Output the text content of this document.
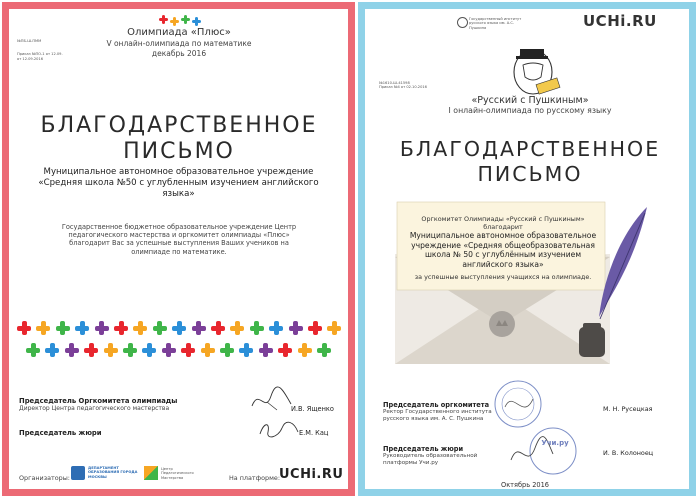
№ПБ-Ш-ПММ
Приказ №ПО-1 от 12.09.
от 12.09.2016
Олимпиада «Плюс»
V онлайн-олимпиада по математике
декабрь 2016
БЛАГОДАРСТВЕННОЕ
ПИСЬМО
Муниципальное автономное образовательное учреждение «Средняя школа №50 с углубленным изучением английского языка»
Государственное бюджетное образовательное учреждение Центр педагогического мастерства и оргкомитет олимпиады «Плюс» благодарит Вас за успешные выступления Ваших учеников на олимпиаде по математике.
Председатель Оргкомитета олимпиады
Директор Центра педагогического мастерства	И.В. Ященко
Председатель жюри	Е.М. Кац
Организаторы:
ДЕПАРТАМЕНТ ОБРАЗОВАНИЯ ГОРОДА МОСКВЫ
Центр Педагогического Мастерства	На платформе: UCHi.RU
Государственный институт русского языка им. А.С. Пушкина	UCHi.RU
№1610-Ш-41598
Приказ №4 от 02.10.2016
«Русский с Пушкиным»
I онлайн-олимпиада по русскому языку
БЛАГОДАРСТВЕННОЕ
ПИСЬМО
Оргкомитет Олимпиады «Русский с Пушкиным» благодарит
Муниципальное автономное образовательное учреждение «Средняя общеобразовательная школа № 50 с углублённым изучением английского языка»
за успешные выступления учащихся на олимпиаде.
Председатель оргкомитета
Ректор Государственного института русского языка им. А. С. Пушкина
М. Н. Русецкая
Председатель жюри
Руководитель образовательной платформы Учи.ру
Учи.ру
И. В. Колоноец
Октябрь 2016
